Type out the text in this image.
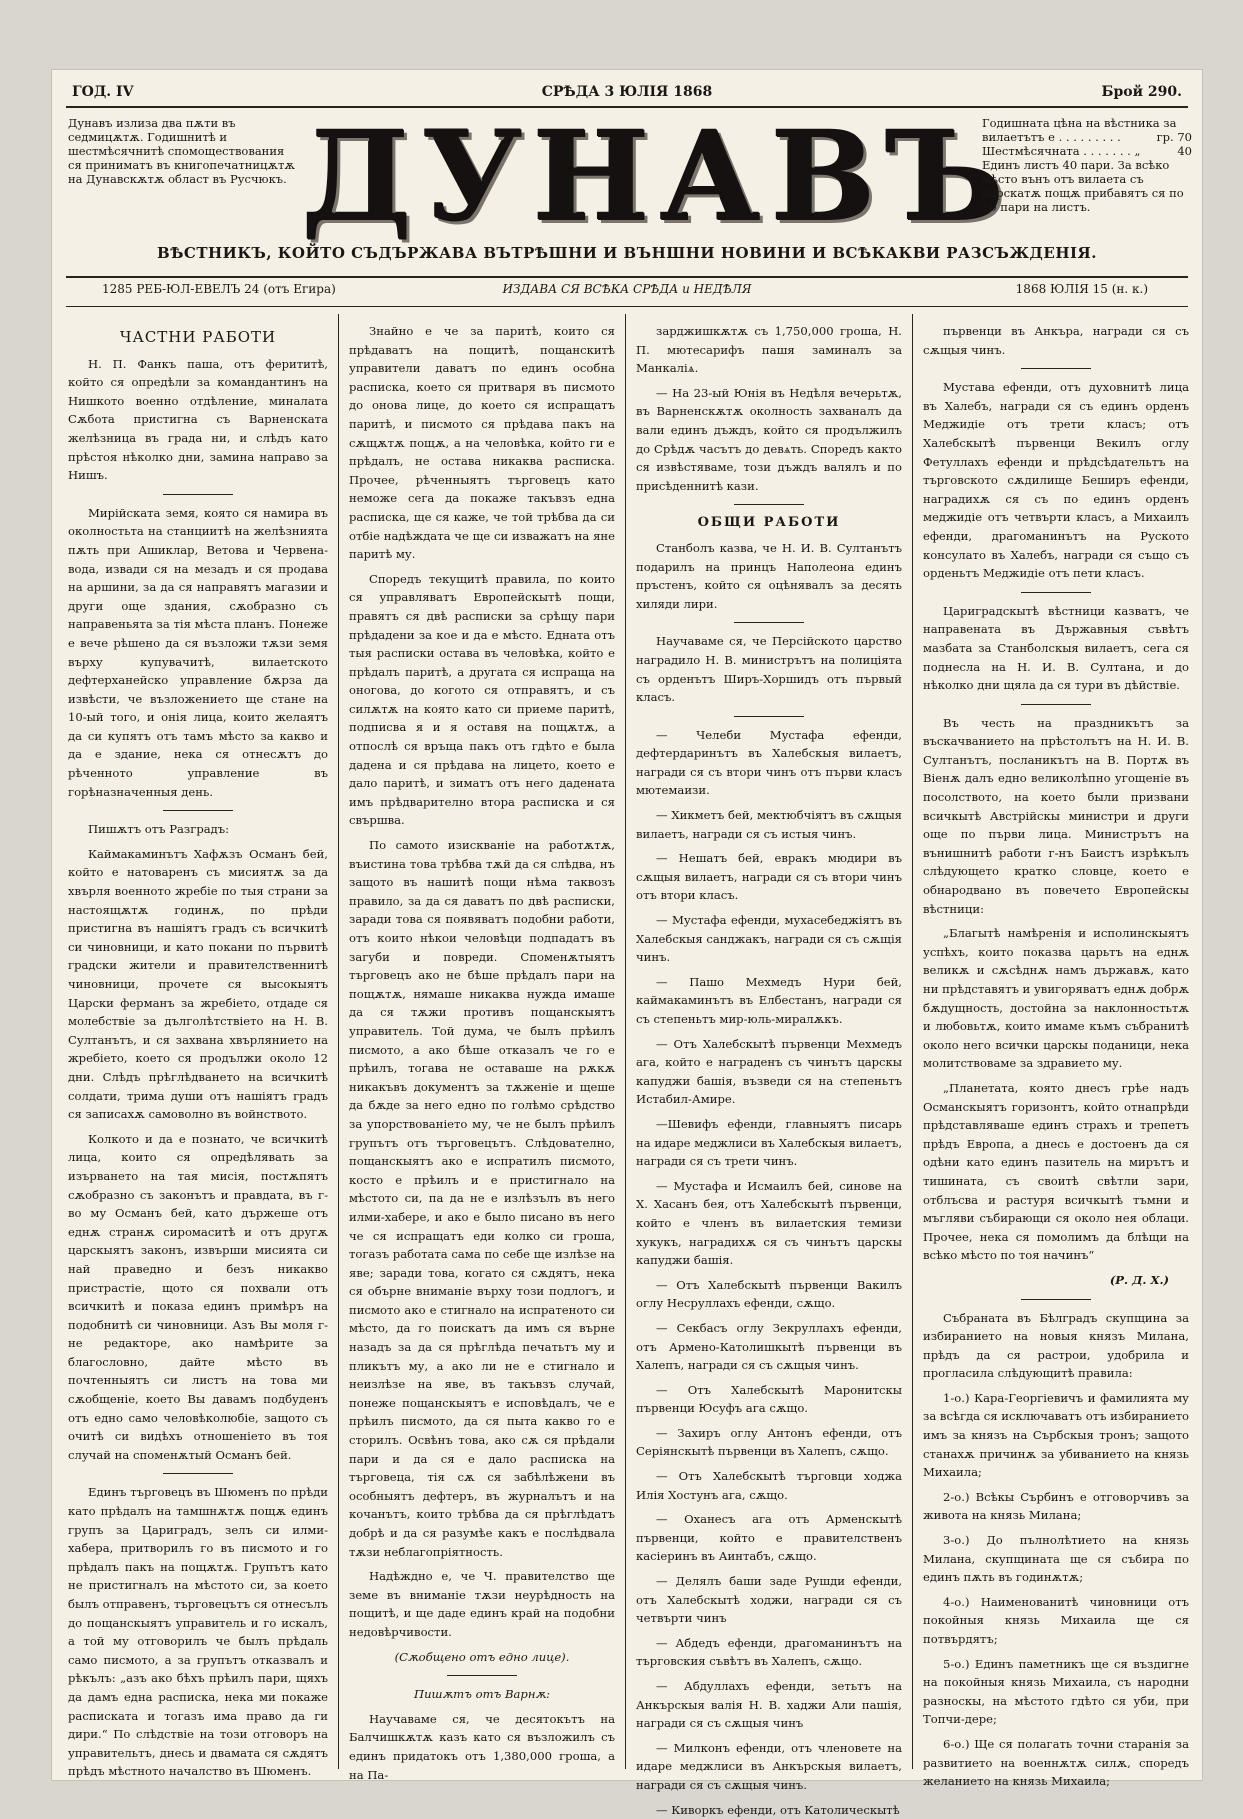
ГОД. IV	СРѢДА 3 ЮЛІЯ 1868	Брой 290.

Дунавъ излиза два пѫти въ седмицѫтѫ. Годишнитѣ и шестмѣсячнитѣ спомоществования ся приниматъ въ книгопечатницѫтѫ на Дунавскѫтѫ област въ Русчюкъ. ДУНАВЪ

Годишната цѣна на вѣстника за

вилаетътъ е . . . . . . . . .	гр. 70
Шестмѣсячната . . . . . . . „	40

Единъ листъ 40 пари. За всѣко мѣсто вънъ отъ вилаета съ царскатѫ пощѫ прибавятъ ся по 10 пари на листъ.

ВѢСТНИКЪ, КОЙТО СЪДЪРЖАВА ВЪТРѢШНИ И ВЪНШНИ НОВИНИ И ВСѢКАКВИ РАЗСЪЖДЕНІЯ.
1285 РЕБ-ЮЛ-ЕВЕЛЪ 24 (отъ Егира)	ИЗДАВА СЯ ВСѢКА СРѢДА и НЕДѢЛЯ	1868 ЮЛІЯ 15 (н. к.)
ЧАСТНИ РАБОТИ

Н. П. Фанкъ паша, отъ ферититѣ, който ся опредѣли за командантинъ на Нишкото военно отдѣление, миналата Сѫбота пристигна съ Варненската желѣзница въ града ни, и слѣдъ като прѣстоя нѣколко дни, замина направо за Нишъ.

Мирійската земя, която ся намира въ околностьта на станциитѣ на желѣзнията пѫть при Ашиклар, Ветова и Червена-вода, извади ся на мезадъ и ся продава на аршини, за да ся направятъ магазии и други още здания, сѫобразно съ направеньята за тія мѣста планъ. Понеже е вече рѣшено да ся възложи тѫзи земя върху купувачитѣ, вилаетското дефтерханейско управление бѫрза да извѣсти, че възложението ще стане на 10-ый того, и онія лица, които желаятъ да си купятъ отъ тамъ мѣсто за какво и да е здание, нека ся отнесѫтъ до рѣченното управление въ горѣназначенныя день.

Пишѫтъ отъ Разградъ:

Каймакаминътъ Хафѫзъ Османъ бей, който е натоваренъ съ мисиятѫ за да хвърля военното жребіе по тыя страни за настоящѫтѫ годинѫ, по прѣди пристигна въ нашіятъ градъ съ всичкитѣ си чиновници, и като покани по първитѣ градски жители и правителственнитѣ чиновници, прочете ся высокыятъ Царски ферманъ за жребіето, отдаде ся молебствіе за дълголѣтствіето на Н. В. Султанътъ, и ся захвана хвърлянието на жребіето, което ся продължи около 12 дни. Слѣдъ прѣглѣдването на всичкитѣ солдати, трима души отъ нашіятъ градъ ся записахѫ самоволно въ войнството.

Колкото и да е познато, че всичкитѣ лица, които ся опредѣлявать за изърването на тая мисія, постѫпятъ сѫобразно съ законътъ и правдата, въ г-во му Османъ бей, като държеше отъ еднѫ странѫ сиромаситѣ и отъ другѫ царскыятъ законъ, извърши мисията си най праведно и безъ никакво пристрастіе, щото ся похвали отъ всичкитѣ и показа единъ примѣръ на подобнитѣ си чиновници. Азъ Вы моля г-не редакторе, ако намѣрите за благословно, дайте мѣсто въ почтенныятъ си листъ на това ми сѫобщеніе, което Вы давамъ подбуденъ отъ едно само человѣколюбіе, защото съ очитѣ си видѣхъ отношеніето въ тоя случай на споменѫтый Османъ бей.

Единъ търговецъ въ Шюменъ по прѣди като прѣдалъ на тамшнѫтѫ пощѫ единъ групъ за Цариградъ, зелъ си илми-хабера, притворилъ го въ писмото и го прѣдалъ пакъ на пощѫтѫ. Групътъ като не пристигналъ на мѣстото си, за което былъ отправенъ, търговецътъ ся отнесълъ до пощанскыятъ управитель и го искалъ, а той му отговорилъ че былъ прѣдаль само писмото, а за групътъ отказвалъ и рѣкълъ: „азъ ако бѣхъ прѣилъ пари, щяхъ да дамъ една расписка, нека ми покаже расписката и тогазъ има право да ги дири.“ По слѣдствіе на този отговоръ на управительтъ, днесь и двамата ся сѫдятъ прѣдъ мѣстното началство въ Шюменъ.

Знайно е че за паритѣ, които ся прѣдаватъ на пощитѣ, пощанскитѣ управители даватъ по единъ особна расписка, което ся притваря въ писмото до онова лице, до което ся испращатъ паритѣ, и писмото ся прѣдава пакъ на сѫщѫтѫ пощѫ, а на человѣка, който ги е прѣдалъ, не остава никаква расписка. Прочее, рѣченныятъ търговецъ като неможе сега да покаже такъвзъ една расписка, ще ся каже, че той трѣбва да си отбіе надѣждата че ще си изважатъ на яне паритѣ му.

Споредъ текущитѣ правила, по които ся управляватъ Европейскытѣ пощи, правятъ ся двѣ расписки за срѣщу пари прѣдадени за кое и да е мѣсто. Едната отъ тыя расписки остава въ человѣка, който е прѣдалъ паритѣ, а другата ся испраща на оногова, до когото ся отправятъ, и съ силѫтѫ на която като си приеме паритѣ, подписва я и я оставя на пощѫтѫ, а отпослѣ ся връща пакъ отъ гдѣто е была дадена и ся прѣдава на лицето, което е дало паритѣ, и зиматъ отъ него дадената имъ прѣдварително втора расписка и ся свършва.

По самото изискваніе на работѫтѫ, въистина това трѣбва тѫй да ся слѣдва, нъ защото въ нашитѣ пощи нѣма таквозъ правило, за да ся даватъ по двѣ расписки, заради това ся появяватъ подобни работи, отъ които нѣкои человѣци подпадатъ въ загуби и повреди. Споменѫтыятъ търговецъ ако не бѣше прѣдалъ пари на пощѫтѫ, нямаше никаква нужда имаше да ся тѫжи противъ пощанскыятъ управитель. Той дума, че былъ прѣилъ писмото, а ако бѣше отказалъ че го е прѣилъ, тогава не оставаше на рѫкѫ никакъвъ документъ за тѫженіе и щеше да бѫде за него едно по голѣмо срѣдство за упорствованіето му, че не былъ прѣилъ групътъ отъ търговецътъ. Слѣдователно, пощанскыятъ ако е испратилъ писмото, косто е прѣилъ и е пристигнало на мѣстото си, па да не е излѣзълъ въ него илми-хабере, и ако е было писано въ него че ся испращатъ еди колко си гроша, тогазъ работата сама по себе ще излѣзе на яве; заради това, когато ся сѫдятъ, нека ся обърне вниманіе върху този подлогъ, и писмото ако е стигнало на испратеното си мѣсто, да го поискатъ да имъ ся върне назадъ за да ся прѣглѣда печатьтъ му и пликътъ му, а ако ли не е стигнало и неизлѣзе на яве, въ такъвзъ случай, понеже пощанскыятъ е исповѣдалъ, че е прѣилъ писмото, да ся пыта какво го е сторилъ. Освѣнъ това, ако сѫ ся прѣдали пари и да ся е дало расписка на търговеца, тія сѫ ся забѣлѣжени въ особныятъ дефтеръ, въ журналътъ и на кочанътъ, които трѣбва да ся прѣглѣдатъ добрѣ и да ся разумѣе какъ е послѣдвала тѫзи неблагопріятность.

Надѣждно е, че Ч. правителство ще земе въ вниманіе тѫзи неурѣдность на пощитѣ, и ще даде единъ край на подобни недовѣрчивости.

(Сѫобщено отъ едно лице).

Пишѫтъ отъ Варнѫ:

Научаваме ся, че десятокътъ на Балчишкѫтѫ казъ като ся възложилъ съ единъ придатокъ отъ 1,380,000 гроша, а на Па-

зарджишкѫтѫ съ 1,750,000 гроша, Н. П. мютесарифъ пашя заминалъ за Манкаліѧ.

— На 23-ый Юнія въ Недѣля вечерьтѫ, въ Варненскѫтѫ околность захваналъ да вали единъ дъждъ, който ся продължилъ до Срѣдѫ часътъ до девѧть. Споредъ както ся извѣстяваме, този дъждъ валялъ и по присѣденнитѣ кази.

ОБЩИ РАБОТИ

Станболъ казва, че Н. И. В. Султанътъ подарилъ на принцъ Наполеона единъ пръстенъ, който ся оцѣнявалъ за десять хиляди лири.

Научаваме ся, че Персійското царство наградило Н. В. министрътъ на полиціята съ орденътъ Ширъ-Хоршидъ отъ първый класъ.

— Челеби Мустафа ефенди, дефтердаринътъ въ Халебскыя вилаетъ, награди ся съ втори чинъ отъ първи класъ мютемаизи.

— Хикметъ бей, мектюбчіятъ въ сѫщыя вилаетъ, награди ся съ истыя чинъ.

— Нешатъ бей, евракъ мюдири въ сѫщыя вилаетъ, награди ся съ втори чинъ отъ втори класъ.

— Мустафа ефенди, мухасебеджіятъ въ Халебскыя санджакъ, награди ся съ сѫщія чинъ.

— Пашо Мехмедъ Нури бей, каймакаминътъ въ Елбестанъ, награди ся съ степеньтъ мир-юль-миралѫкъ.

— Отъ Халебскытѣ първенци Мехмедъ ага, който е награденъ съ чинътъ царскы капуджи башія, възведи ся на степеньтъ Истабил-Амире.

—Шевифъ ефенди, главныятъ писарь на идаре меджлиси въ Халебскыя вилаетъ, награди ся съ трети чинъ.

— Мустафа и Исмаилъ бей, синове на Х. Хасанъ бея, отъ Халебскытѣ първенци, който е членъ въ вилаетския темизи хукукъ, наградихѫ ся съ чинътъ царскы капуджи башія.

— Отъ Халебскытѣ първенци Вакилъ оглу Несруллахъ ефенди, сѫщо.

— Секбасъ оглу Зекруллахъ ефенди, отъ Армено-Католишкытѣ първенци въ Халепъ, награди ся съ сѫщыя чинъ.

— Отъ Халебскытѣ Маронитскы първенци Юсуфъ ага сѫщо.

— Захиръ оглу Антонъ ефенди, отъ Серіянскытѣ първенци въ Халепъ, сѫщо.

— Отъ Халебскытѣ търговци ходжа Илія Хостунъ ага, сѫщо.

— Оханесъ ага отъ Арменскытѣ първенци, който е правителственъ касіеринъ въ Аинтабъ, сѫщо.

— Делялъ баши заде Рушди ефенди, отъ Халебскытѣ ходжи, награди ся съ четвърти чинъ

— Абдедъ ефенди, драгоманинътъ на търговския съвѣтъ въ Халепъ, сѫщо.

— Абдуллахъ ефенди, зетьтъ на Анкърскыя валія Н. В. хаджи Али пашія, награди ся съ сѫщыя чинъ

— Милконъ ефенди, отъ членовете на идаре меджлиси въ Анкърскыя вилаетъ, награди ся съ сѫщыя чинъ.

— Киворкъ ефенди, отъ Католическытѣ

първенци въ Анкъра, награди ся съ сѫщыя чинъ.

Мустава ефенди, отъ духовнитѣ лица въ Халебъ, награди ся съ единъ орденъ Меджидіе отъ трети класъ; отъ Халебскытѣ първенци Векилъ оглу Фетуллахъ ефенди и прѣдсѣдательтъ на търговското сѫдилище Беширъ ефенди, наградихѫ ся съ по единъ орденъ меджидіе отъ четвърти класъ, а Михаилъ ефенди, драгоманинътъ на Руското консулато въ Халебъ, награди ся също съ орденьтъ Меджидіе отъ пети класъ.

Цариградскытѣ вѣстници казватъ, че направената въ Държавныя съвѣтъ мазбата за Станболскыя вилаетъ, сега ся поднесла на Н. И. В. Султана, и до нѣколко дни щяла да ся тури въ дѣйствіе.

Въ честь на праздникътъ за въскачванието на прѣстолътъ на Н. И. В. Султанътъ, посланикътъ на В. Портѫ въ Віенѫ далъ едно великолѣпно угощеніе въ посолството, на което были призвани всичкытѣ Австрійскы министри и други още по първи лица. Министрътъ на вънишнитѣ работи г-нъ Баистъ изрѣкълъ слѣдующето кратко словце, което е обнародвано въ повечето Европейскы вѣстници:

„Благытѣ намѣренія и исполинскыятъ успѣхъ, които показва царьтъ на еднѫ великѫ и сѫсѣднѫ намъ държавѫ, като ни прѣдставятъ и увигоряватъ еднѫ добрѫ бѫдущность, достойна за наклонностьтѫ и любовьтѫ, които имаме къмъ събранитѣ около него всички царскы поданици, нека молитствоваме за здравието му.

„Планетата, която днесъ грѣе надъ Османскыятъ горизонтъ, който отнапрѣди прѣдставляваше единъ страхъ и трепетъ прѣдъ Европа, а днесь е достоенъ да ся одѣни като единъ пазитель на мирътъ и тишината, съ своитѣ свѣтли зари, отблъсва и растуря всичкытѣ тъмни и мъгляви събирающи ся около нея облаци. Прочее, нека ся помолимъ да блѣщи на всѣко мѣсто по тоя начинъ“

(Р. Д. Х.)

Събраната въ Бѣлградъ скупщина за избиранието на новыя князъ Милана, прѣдъ да ся растрои, удобрила и прогласила слѣдующитѣ правила:

1-о.) Кара-Георгіевичъ и фамилията му за всѣгда ся исключаватъ отъ избиранието имъ за князъ на Сърбскыя тронъ; защото станахѫ причинѫ за убиванието на князь Михаила;

2-о.) Всѣкы Сърбинъ е отговорчивъ за живота на князь Милана;

3-о.) До пълнолѣтието на князь Милана, скупщината ще ся събира по единъ пѫть въ годинѫтѫ;

4-о.) Наименованитѣ чиновници отъ покойныя князь Михаила ще ся потвърдятъ;

5-о.) Единъ паметникъ ще ся въздигне на покойныя князь Михаила, съ народни разноскы, на мѣстото гдѣто ся уби, при Топчи-дере;

6-о.) Ще ся полагать точни старанія за развитието на военнѫтѫ силѫ, споредъ желанието на князь Михаила;
